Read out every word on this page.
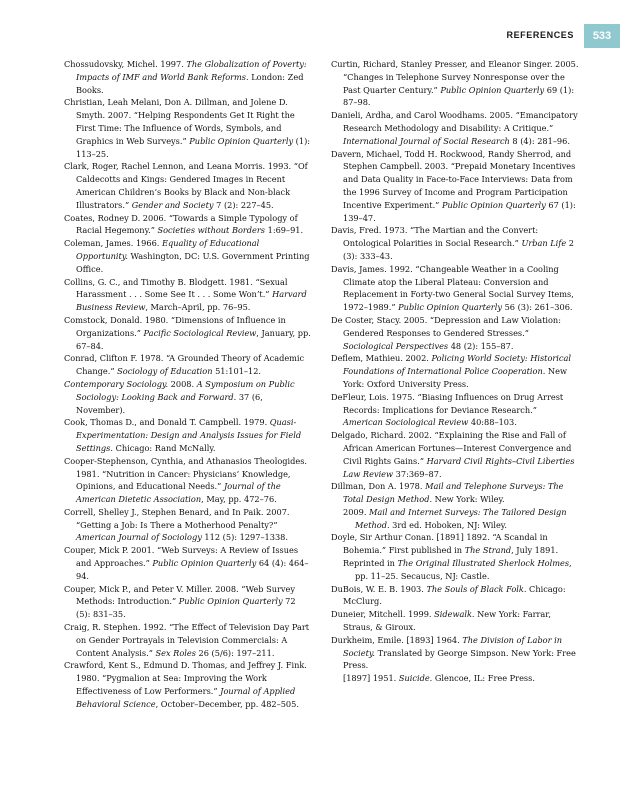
REFERENCES	533

Chossudovsky, Michel. 1997. The Globalization of Poverty: Impacts of IMF and World Bank Reforms. London: Zed Books.

Christian, Leah Melani, Don A. Dillman, and Jolene D. Smyth. 2007. “Helping Respondents Get It Right the First Time: The Influence of Words, Symbols, and Graphics in Web Surveys.” Public Opinion Quarterly (1): 113–25.

Clark, Roger, Rachel Lennon, and Leana Morris. 1993. “Of Caldecotts and Kings: Gendered Images in Recent American Children’s Books by Black and Non-black Illustrators.” Gender and Society 7 (2): 227–45.

Coates, Rodney D. 2006. “Towards a Simple Typology of Racial Hegemony.” Societies without Borders 1:69–91.

Coleman, James. 1966. Equality of Educational Opportunity. Washington, DC: U.S. Government Printing Office.

Collins, G. C., and Timothy B. Blodgett. 1981. “Sexual Harassment . . . Some See It . . . Some Won’t.” Harvard Business Review, March–April, pp. 76–95.

Comstock, Donald. 1980. “Dimensions of Influence in Organizations.” Pacific Sociological Review, January, pp. 67–84.

Conrad, Clifton F. 1978. “A Grounded Theory of Academic Change.” Sociology of Education 51:101–12.

Contemporary Sociology. 2008. A Symposium on Public Sociology: Looking Back and Forward. 37 (6, November).

Cook, Thomas D., and Donald T. Campbell. 1979. Quasi-Experimentation: Design and Analysis Issues for Field Settings. Chicago: Rand McNally.

Cooper-Stephenson, Cynthia, and Athanasios Theologides. 1981. “Nutrition in Cancer: Physicians’ Knowledge, Opinions, and Educational Needs.” Journal of the American Dietetic Association, May, pp. 472–76.

Correll, Shelley J., Stephen Benard, and In Paik. 2007. “Getting a Job: Is There a Motherhood Penalty?” American Journal of Sociology 112 (5): 1297–1338.

Couper, Mick P. 2001. “Web Surveys: A Review of Issues and Approaches.” Public Opinion Quarterly 64 (4): 464–94.

Couper, Mick P., and Peter V. Miller. 2008. “Web Survey Methods: Introduction.” Public Opinion Quarterly 72 (5): 831–35.

Craig, R. Stephen. 1992. “The Effect of Television Day Part on Gender Portrayals in Television Commercials: A Content Analysis.” Sex Roles 26 (5/6): 197–211.

Crawford, Kent S., Edmund D. Thomas, and Jeffrey J. Fink. 1980. “Pygmalion at Sea: Improving the Work Effectiveness of Low Performers.” Journal of Applied Behavioral Science, October–December, pp. 482–505.

Curtin, Richard, Stanley Presser, and Eleanor Singer. 2005. “Changes in Telephone Survey Nonresponse over the Past Quarter Century.” Public Opinion Quarterly 69 (1): 87–98.

Danieli, Ardha, and Carol Woodhams. 2005. “Emancipatory Research Methodology and Disability: A Critique.” International Journal of Social Research 8 (4): 281–96.

Davern, Michael, Todd H. Rockwood, Randy Sherrod, and Stephen Campbell. 2003. “Prepaid Monetary Incentives and Data Quality in Face-to-Face Interviews: Data from the 1996 Survey of Income and Program Participation Incentive Experiment.” Public Opinion Quarterly 67 (1): 139–47.

Davis, Fred. 1973. “The Martian and the Convert: Ontological Polarities in Social Research.” Urban Life 2 (3): 333–43.

Davis, James. 1992. “Changeable Weather in a Cooling Climate atop the Liberal Plateau: Conversion and Replacement in Forty-two General Social Survey Items, 1972–1989.” Public Opinion Quarterly 56 (3): 261–306.

De Coster, Stacy. 2005. “Depression and Law Violation: Gendered Responses to Gendered Stresses.” Sociological Perspectives 48 (2): 155–87.

Deflem, Mathieu. 2002. Policing World Society: Historical Foundations of International Police Cooperation. New York: Oxford University Press.

DeFleur, Lois. 1975. “Biasing Influences on Drug Arrest Records: Implications for Deviance Research.” American Sociological Review 40:88–103.

Delgado, Richard. 2002. “Explaining the Rise and Fall of African American Fortunes—Interest Convergence and Civil Rights Gains.” Harvard Civil Rights–Civil Liberties Law Review 37:369–87.

Dillman, Don A. 1978. Mail and Telephone Surveys: The Total Design Method. New York: Wiley.

2009. Mail and Internet Surveys: The Tailored Design Method. 3rd ed. Hoboken, NJ: Wiley.

Doyle, Sir Arthur Conan. [1891] 1892. “A Scandal in Bohemia.” First published in The Strand, July 1891.

Reprinted in The Original Illustrated Sherlock Holmes, pp. 11–25. Secaucus, NJ: Castle.

DuBois, W. E. B. 1903. The Souls of Black Folk. Chicago: McClurg.

Duneier, Mitchell. 1999. Sidewalk. New York: Farrar, Straus, & Giroux.

Durkheim, Emile. [1893] 1964. The Division of Labor in Society. Translated by George Simpson. New York: Free Press.

[1897] 1951. Suicide. Glencoe, IL: Free Press.
